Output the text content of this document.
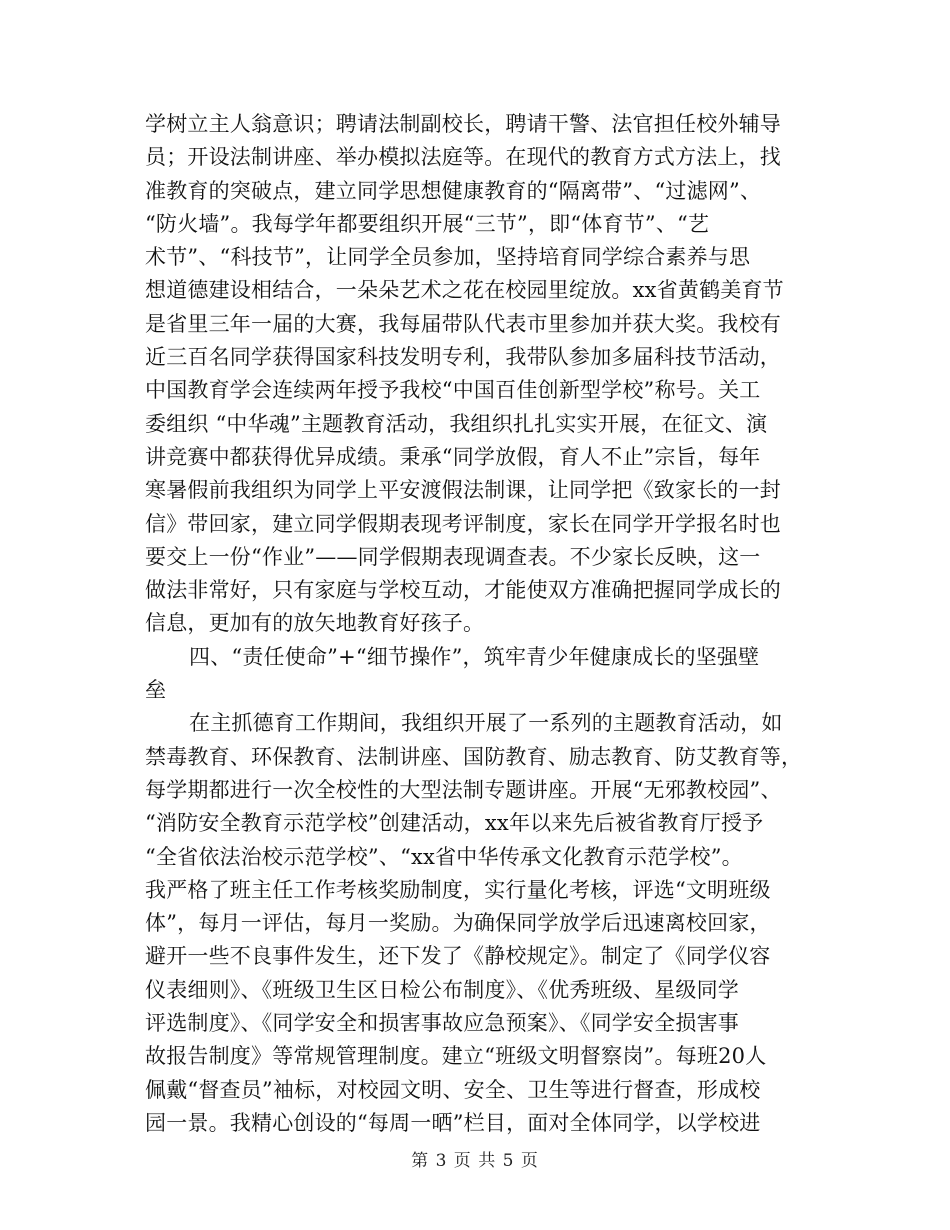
学树立主人翁意识；聘请法制副校长，聘请干警、法官担任校外辅导
员；开设法制讲座、举办模拟法庭等。在现代的教育方式方法上，找
准教育的突破点，建立同学思想健康教育的“隔离带”、“过滤网”、
“防火墙”。我每学年都要组织开展“三节”，即“体育节”、“艺
术节”、“科技节”，让同学全员参加，坚持培育同学综合素养与思
想道德建设相结合，一朵朵艺术之花在校园里绽放。xx省黄鹤美育节
是省里三年一届的大赛，我每届带队代表市里参加并获大奖。我校有
近三百名同学获得国家科技发明专利，我带队参加多届科技节活动，
中国教育学会连续两年授予我校“中国百佳创新型学校”称号。关工
委组织 “中华魂”主题教育活动，我组织扎扎实实开展，在征文、演
讲竞赛中都获得优异成绩。秉承“同学放假，育人不止”宗旨，每年
寒暑假前我组织为同学上平安渡假法制课，让同学把《致家长的一封
信》带回家，建立同学假期表现考评制度，家长在同学开学报名时也
要交上一份“作业”——同学假期表现调查表。不少家长反映，这一
做法非常好，只有家庭与学校互动，才能使双方准确把握同学成长的
信息，更加有的放矢地教育好孩子。
四、“责任使命”+“细节操作”，筑牢青少年健康成长的坚强壁
垒
在主抓德育工作期间，我组织开展了一系列的主题教育活动，如
禁毒教育、环保教育、法制讲座、国防教育、励志教育、防艾教育等，
每学期都进行一次全校性的大型法制专题讲座。开展“无邪教校园”、
“消防安全教育示范学校”创建活动，xx年以来先后被省教育厅授予
“全省依法治校示范学校”、“xx省中华传承文化教育示范学校”。
我严格了班主任工作考核奖励制度，实行量化考核，评选“文明班级
体”，每月一评估，每月一奖励。为确保同学放学后迅速离校回家，
避开一些不良事件发生，还下发了《静校规定》。制定了《同学仪容
仪表细则》、《班级卫生区日检公布制度》、《优秀班级、星级同学
评选制度》、《同学安全和损害事故应急预案》、《同学安全损害事
故报告制度》等常规管理制度。建立“班级文明督察岗”。每班20人
佩戴“督查员”袖标，对校园文明、安全、卫生等进行督查，形成校
园一景。我精心创设的“每周一晒”栏目，面对全体同学，以学校进
第 3 页 共 5 页
